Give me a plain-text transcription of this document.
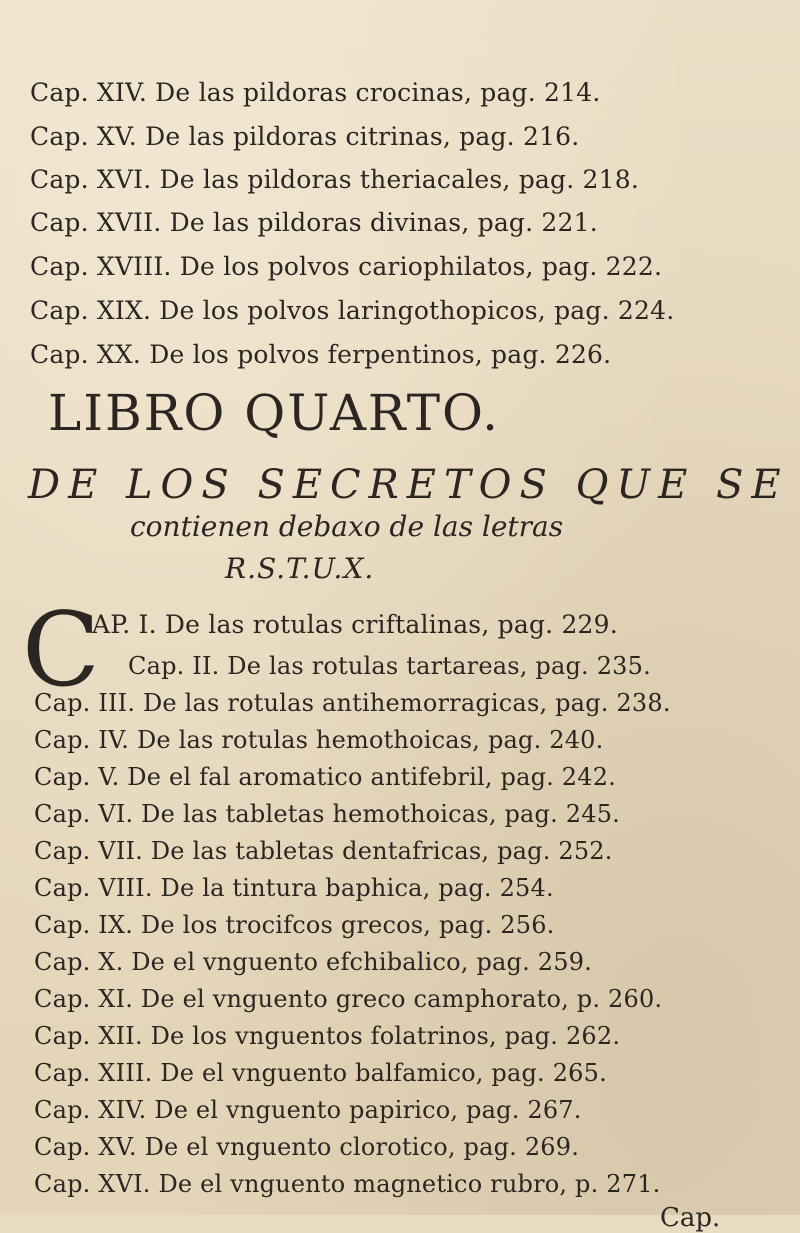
Cap. XIV. De las pildoras crocinas, pag. 214.
Cap. XV. De las pildoras citrinas, pag. 216.
Cap. XVI. De las pildoras theriacales, pag. 218.
Cap. XVII. De las pildoras divinas, pag. 221.
Cap. XVIII. De los polvos cariophilatos, pag. 222.
Cap. XIX. De los polvos laringothopicos, pag. 224.
Cap. XX. De los polvos ferpentinos, pag. 226.
LIBRO QUARTO.
DE LOS SECRETOS QUE SE
contienen debaxo de las letras
R.S.T.U.X.
C
AP. I. De las rotulas criftalinas, pag. 229.
Cap. II. De las rotulas tartareas, pag. 235.
Cap. III. De las rotulas antihemorragicas, pag. 238.
Cap. IV. De las rotulas hemothoicas, pag. 240.
Cap. V. De el fal aromatico antifebril, pag. 242.
Cap. VI. De las tabletas hemothoicas, pag. 245.
Cap. VII. De las tabletas dentafricas, pag. 252.
Cap. VIII. De la tintura baphica, pag. 254.
Cap. IX. De los trocifcos grecos, pag. 256.
Cap. X. De el vnguento efchibalico, pag. 259.
Cap. XI. De el vnguento greco camphorato, p. 260.
Cap. XII. De los vnguentos folatrinos, pag. 262.
Cap. XIII. De el vnguento balfamico, pag. 265.
Cap. XIV. De el vnguento papirico, pag. 267.
Cap. XV. De el vnguento clorotico, pag. 269.
Cap. XVI. De el vnguento magnetico rubro, p. 271.
Cap.
